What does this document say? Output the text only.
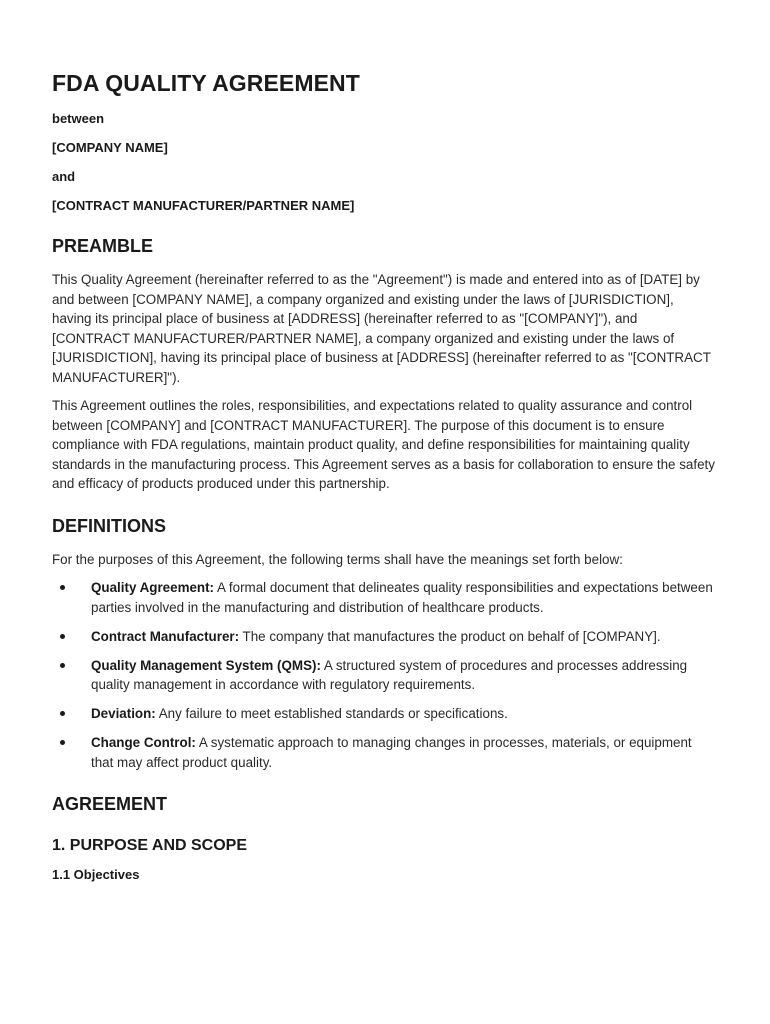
FDA QUALITY AGREEMENT
between
[COMPANY NAME]
and
[CONTRACT MANUFACTURER/PARTNER NAME]
PREAMBLE

This Quality Agreement (hereinafter referred to as the "Agreement") is made and entered into as of [DATE] by and between [COMPANY NAME], a company organized and existing under the laws of [JURISDICTION], having its principal place of business at [ADDRESS] (hereinafter referred to as "[COMPANY]"), and [CONTRACT MANUFACTURER/PARTNER NAME], a company organized and existing under the laws of [JURISDICTION], having its principal place of business at [ADDRESS] (hereinafter referred to as "[CONTRACT MANUFACTURER]").

This Agreement outlines the roles, responsibilities, and expectations related to quality assurance and control between [COMPANY] and [CONTRACT MANUFACTURER]. The purpose of this document is to ensure compliance with FDA regulations, maintain product quality, and define responsibilities for maintaining quality standards in the manufacturing process. This Agreement serves as a basis for collaboration to ensure the safety and efficacy of products produced under this partnership.

DEFINITIONS

For the purposes of this Agreement, the following terms shall have the meanings set forth below:

Quality Agreement: A formal document that delineates quality responsibilities and expectations between parties involved in the manufacturing and distribution of healthcare products.
Contract Manufacturer: The company that manufactures the product on behalf of [COMPANY].
Quality Management System (QMS): A structured system of procedures and processes addressing quality management in accordance with regulatory requirements.
Deviation: Any failure to meet established standards or specifications.
Change Control: A systematic approach to managing changes in processes, materials, or equipment that may affect product quality.
AGREEMENT
1. PURPOSE AND SCOPE
1.1 Objectives
